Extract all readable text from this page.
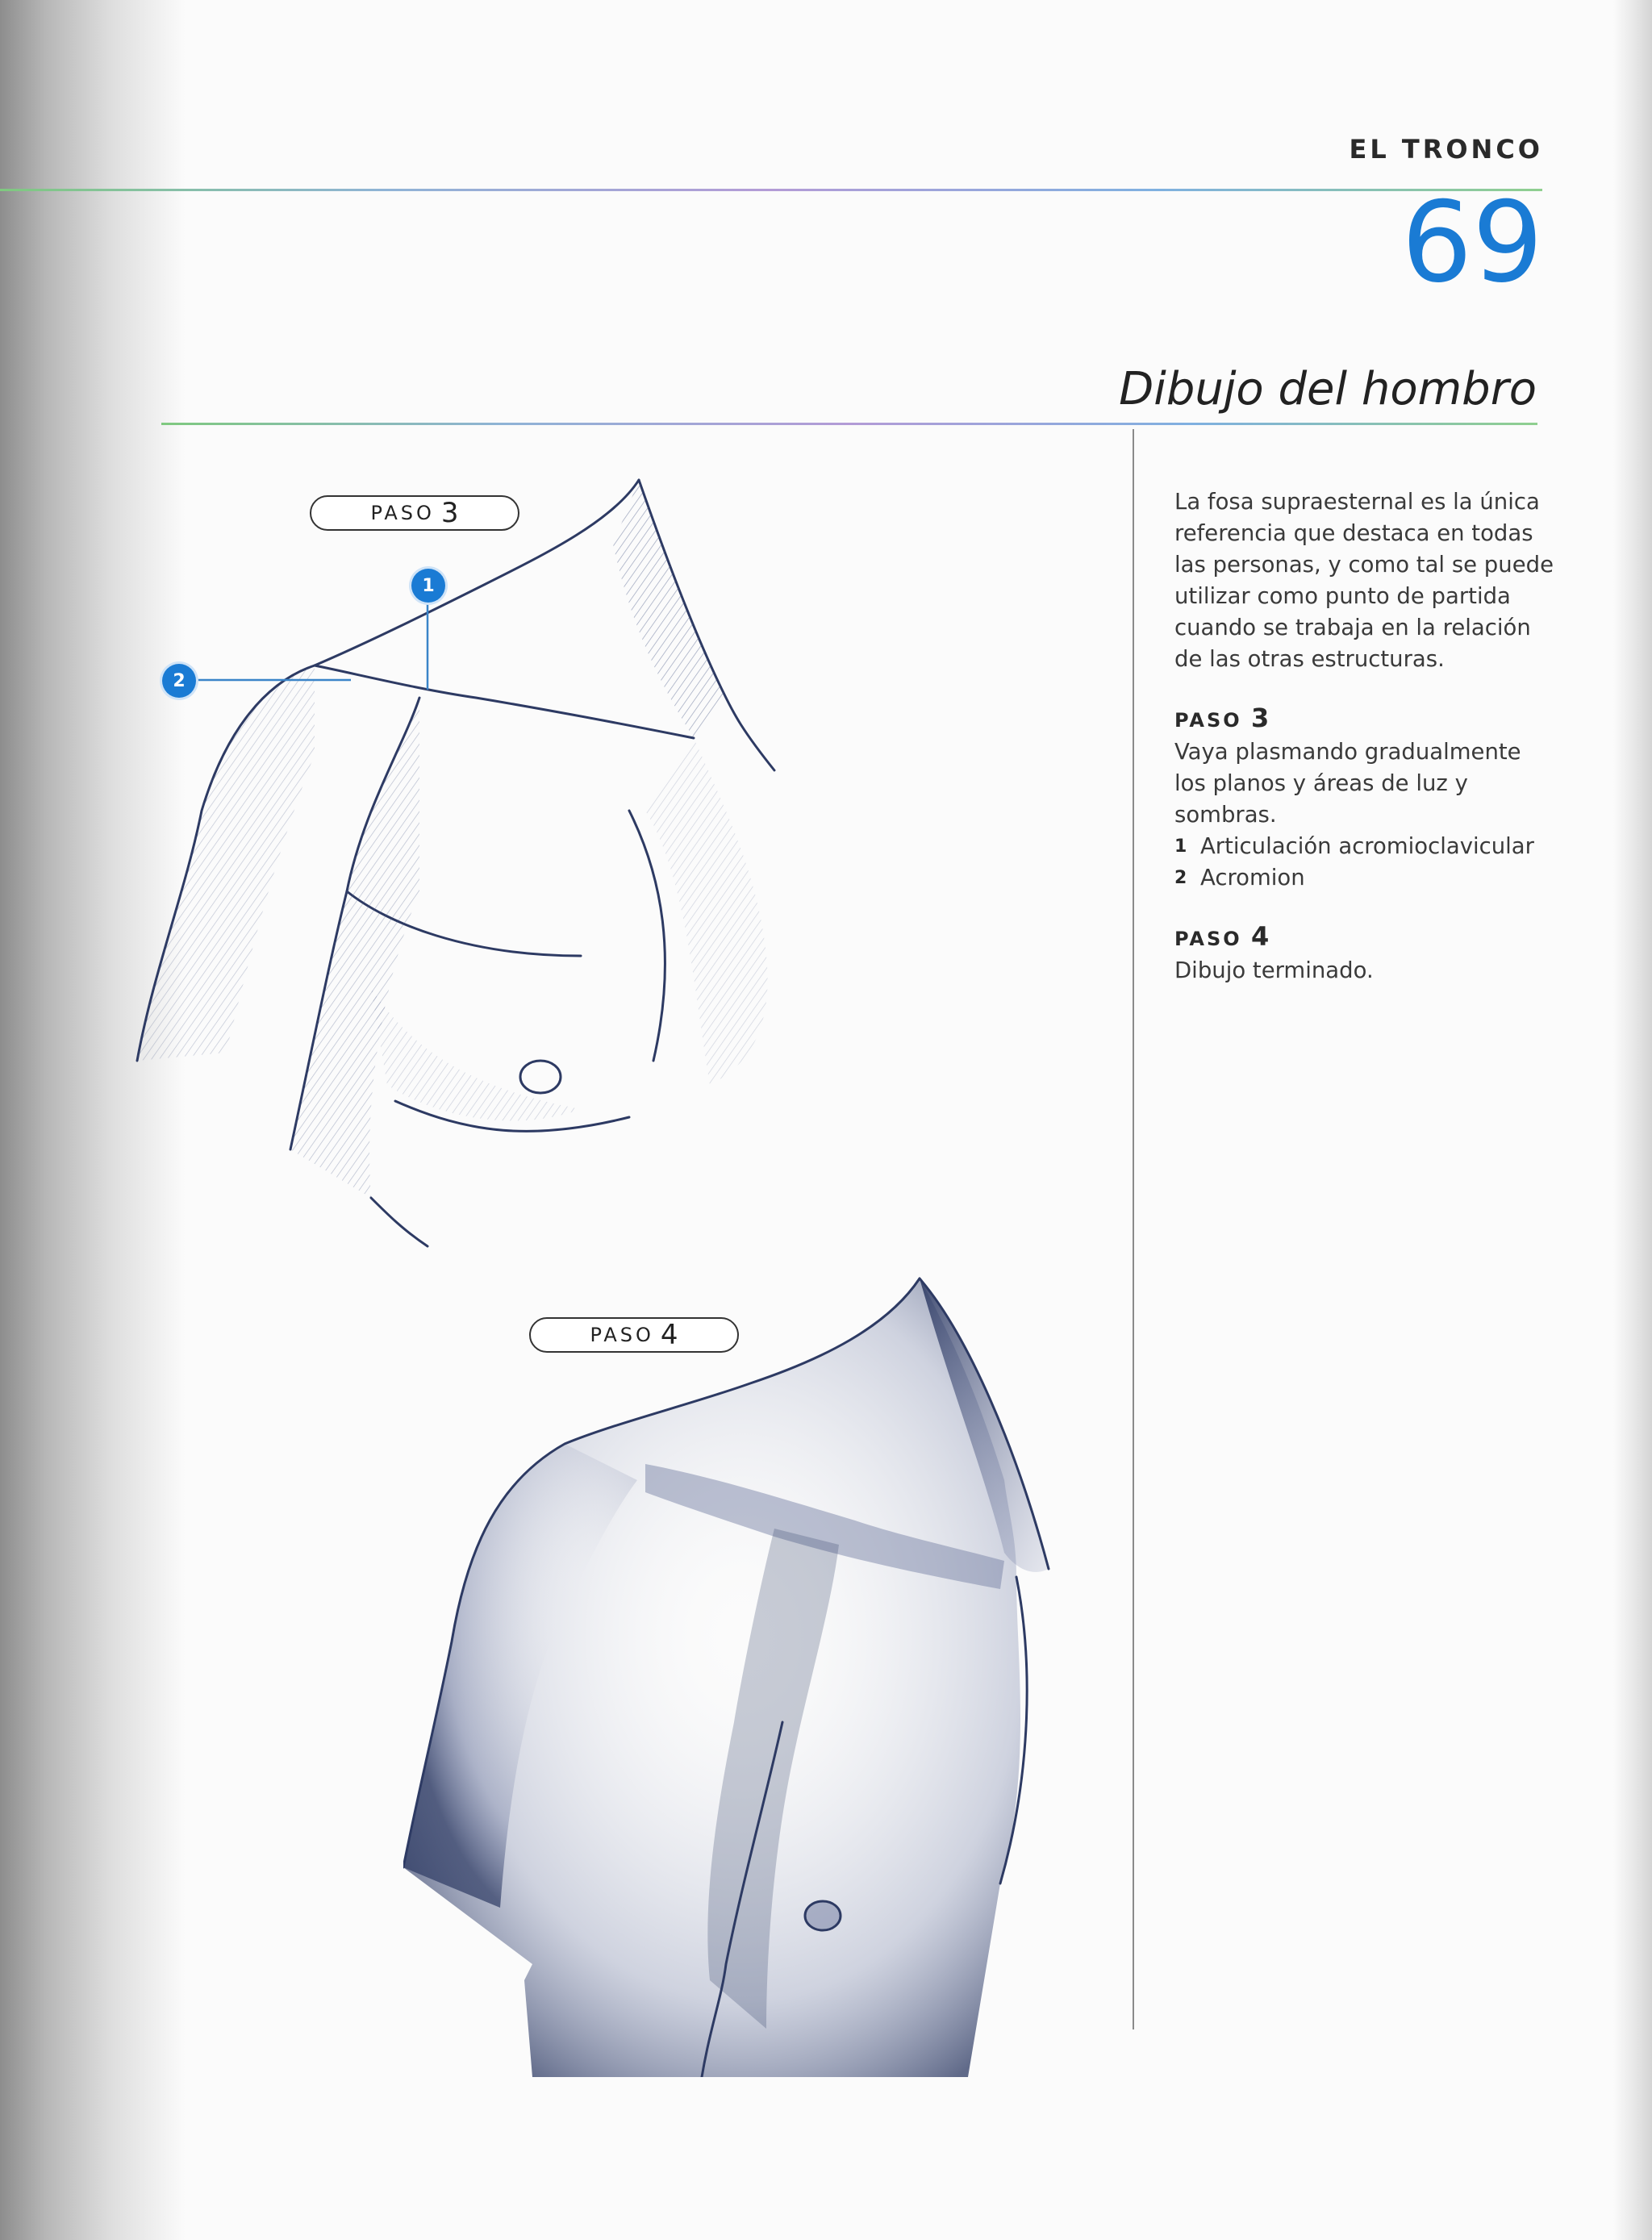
EL TRONCO
69
Dibujo del hombro

La fosa supraesternal es la única referencia que destaca en todas las personas, y como tal se puede utilizar como punto de partida cuando se trabaja en la relación de las otras estructuras.

PASO 3
Vaya plasmando gradualmente los planos y áreas de luz y sombras.
1 Articulación acromioclavicular
2 Acromion
PASO 4
Dibujo terminado.
PASO 3
1
2
PASO 4
